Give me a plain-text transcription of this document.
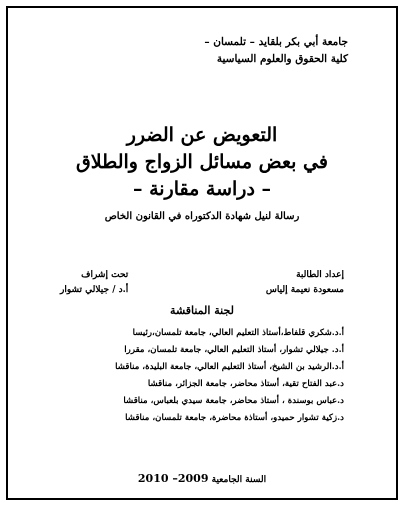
جامعة أبي بكر بلقايد – تلمسان –
كلية الحقوق والعلوم السياسية
التعويض عن الضرر
في بعض مسائل الزواج والطلاق
– دراسة مقارنة –
رسالة لنيل شهادة الدكتوراه في القانون الخاص
إعداد الطالبة
مسعودة نعيمة إلياس
تحت إشراف
أ.د / جيلالي تشوار
لجنة المناقشة
أ.د.شكري قلفاط،أستاذ التعليم العالي، جامعة تلمسان،رئيسا
أ.د. جيلالي تشوار، أستاذ التعليم العالي، جامعة تلمسان، مقررا
أ.د.الرشيد بن الشيخ، أستاذ التعليم العالي، جامعة البليدة، مناقشا
د.عبد الفتاح تقية، أستاذ محاضر، جامعة الجزائر، مناقشا
د.عباس بوسندة ، أستاذ محاضر، جامعة سيدي بلعباس، مناقشا
د.زكية تشوار حميدو، أستاذة محاضرة، جامعة تلمسان، مناقشا
السنة الجامعية 2009– 2010
